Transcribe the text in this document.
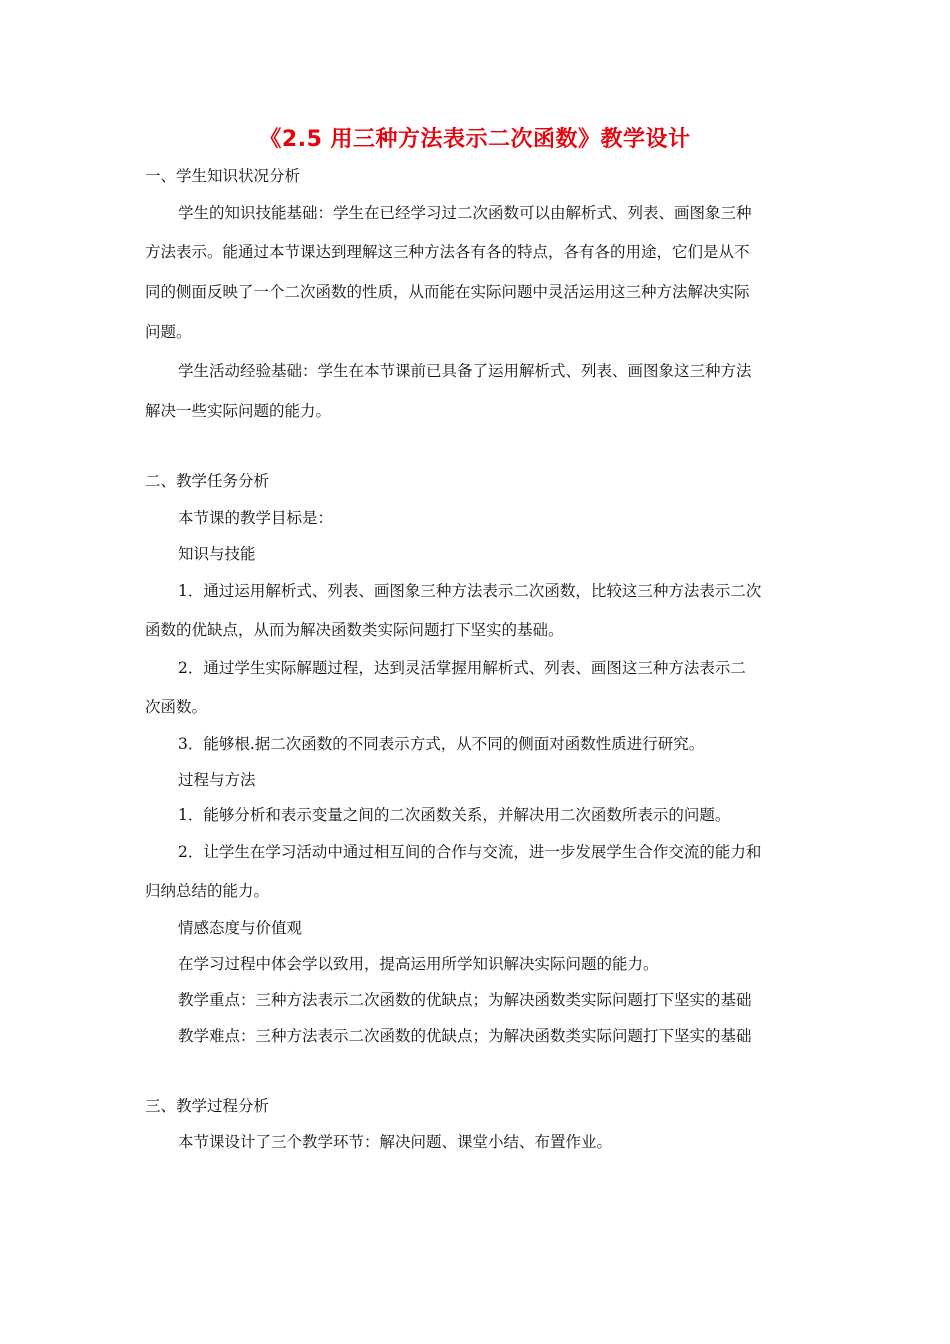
《2.5 用三种方法表示二次函数》教学设计
一、学生知识状况分析
学生的知识技能基础：学生在已经学习过二次函数可以由解析式、列表、画图象三种
方法表示。能通过本节课达到理解这三种方法各有各的特点，各有各的用途，它们是从不
同的侧面反映了一个二次函数的性质，从而能在实际问题中灵活运用这三种方法解决实际
问题。
学生活动经验基础：学生在本节课前已具备了运用解析式、列表、画图象这三种方法
解决一些实际问题的能力。
二、教学任务分析
本节课的教学目标是：
知识与技能
1．通过运用解析式、列表、画图象三种方法表示二次函数，比较这三种方法表示二次
函数的优缺点，从而为解决函数类实际问题打下坚实的基础。
2．通过学生实际解题过程，达到灵活掌握用解析式、列表、画图这三种方法表示二
次函数。
3．能够根.据二次函数的不同表示方式，从不同的侧面对函数性质进行研究。
过程与方法
1．能够分析和表示变量之间的二次函数关系，并解决用二次函数所表示的问题。
2．让学生在学习活动中通过相互间的合作与交流，进一步发展学生合作交流的能力和
归纳总结的能力。
情感态度与价值观
在学习过程中体会学以致用，提高运用所学知识解决实际问题的能力。
教学重点：三种方法表示二次函数的优缺点；为解决函数类实际问题打下坚实的基础
教学难点：三种方法表示二次函数的优缺点；为解决函数类实际问题打下坚实的基础
三、教学过程分析
本节课设计了三个教学环节：解决问题、课堂小结、布置作业。
